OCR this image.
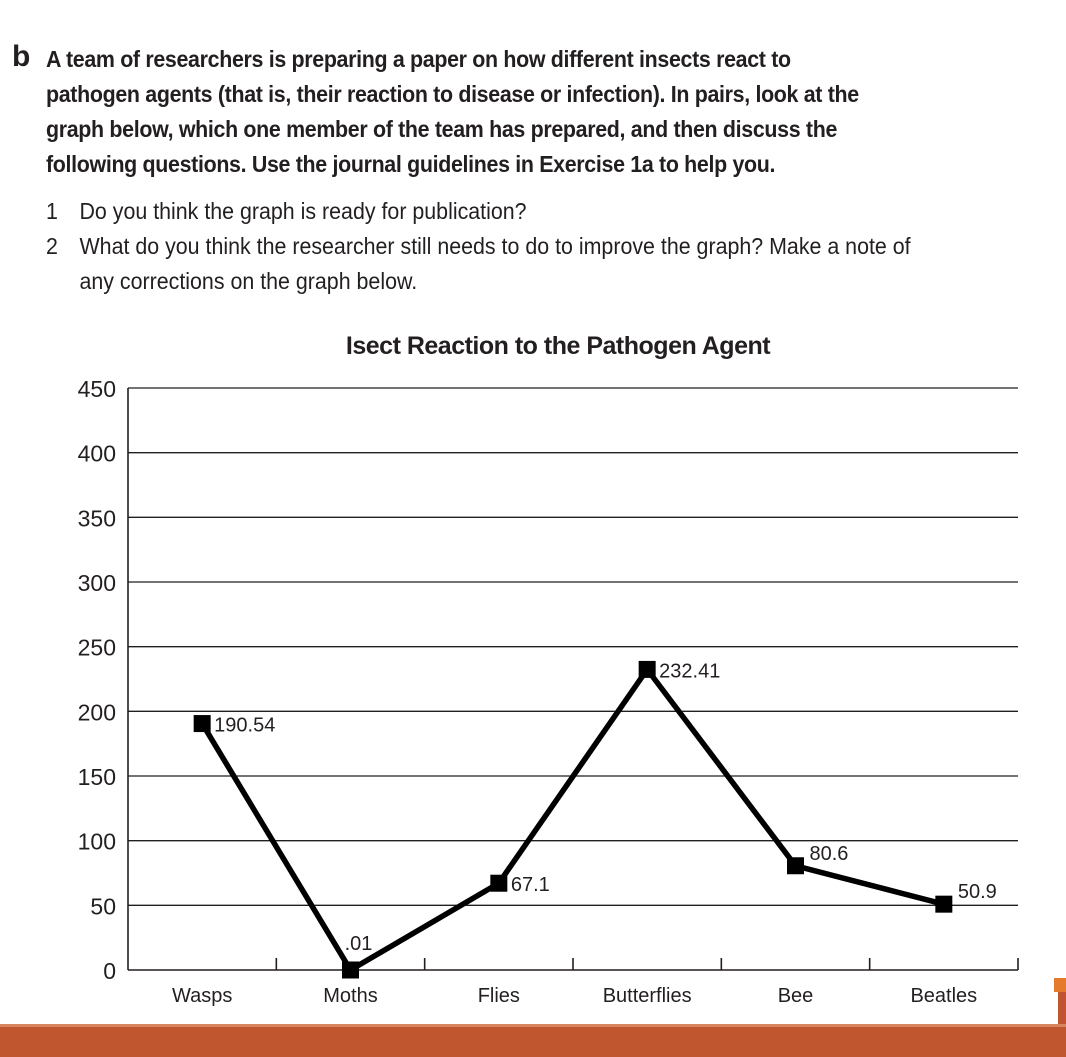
b A team of researchers is preparing a paper on how different insects react to pathogen agents (that is, their reaction to disease or infection). In pairs, look at the graph below, which one member of the team has prepared, and then discuss the following questions. Use the journal guidelines in Exercise 1a to help you.
1 Do you think the graph is ready for publication?
2 What do you think the researcher still needs to do to improve the graph? Make a note of any corrections on the graph below.
Isect Reaction to the Pathogen Agent
0
50
100
150
200
250
300
350
400
450
Wasps	Moths	Flies	Butterflies	Bee	Beatles
190.54
.01
67.1
232.41
80.6
50.9
